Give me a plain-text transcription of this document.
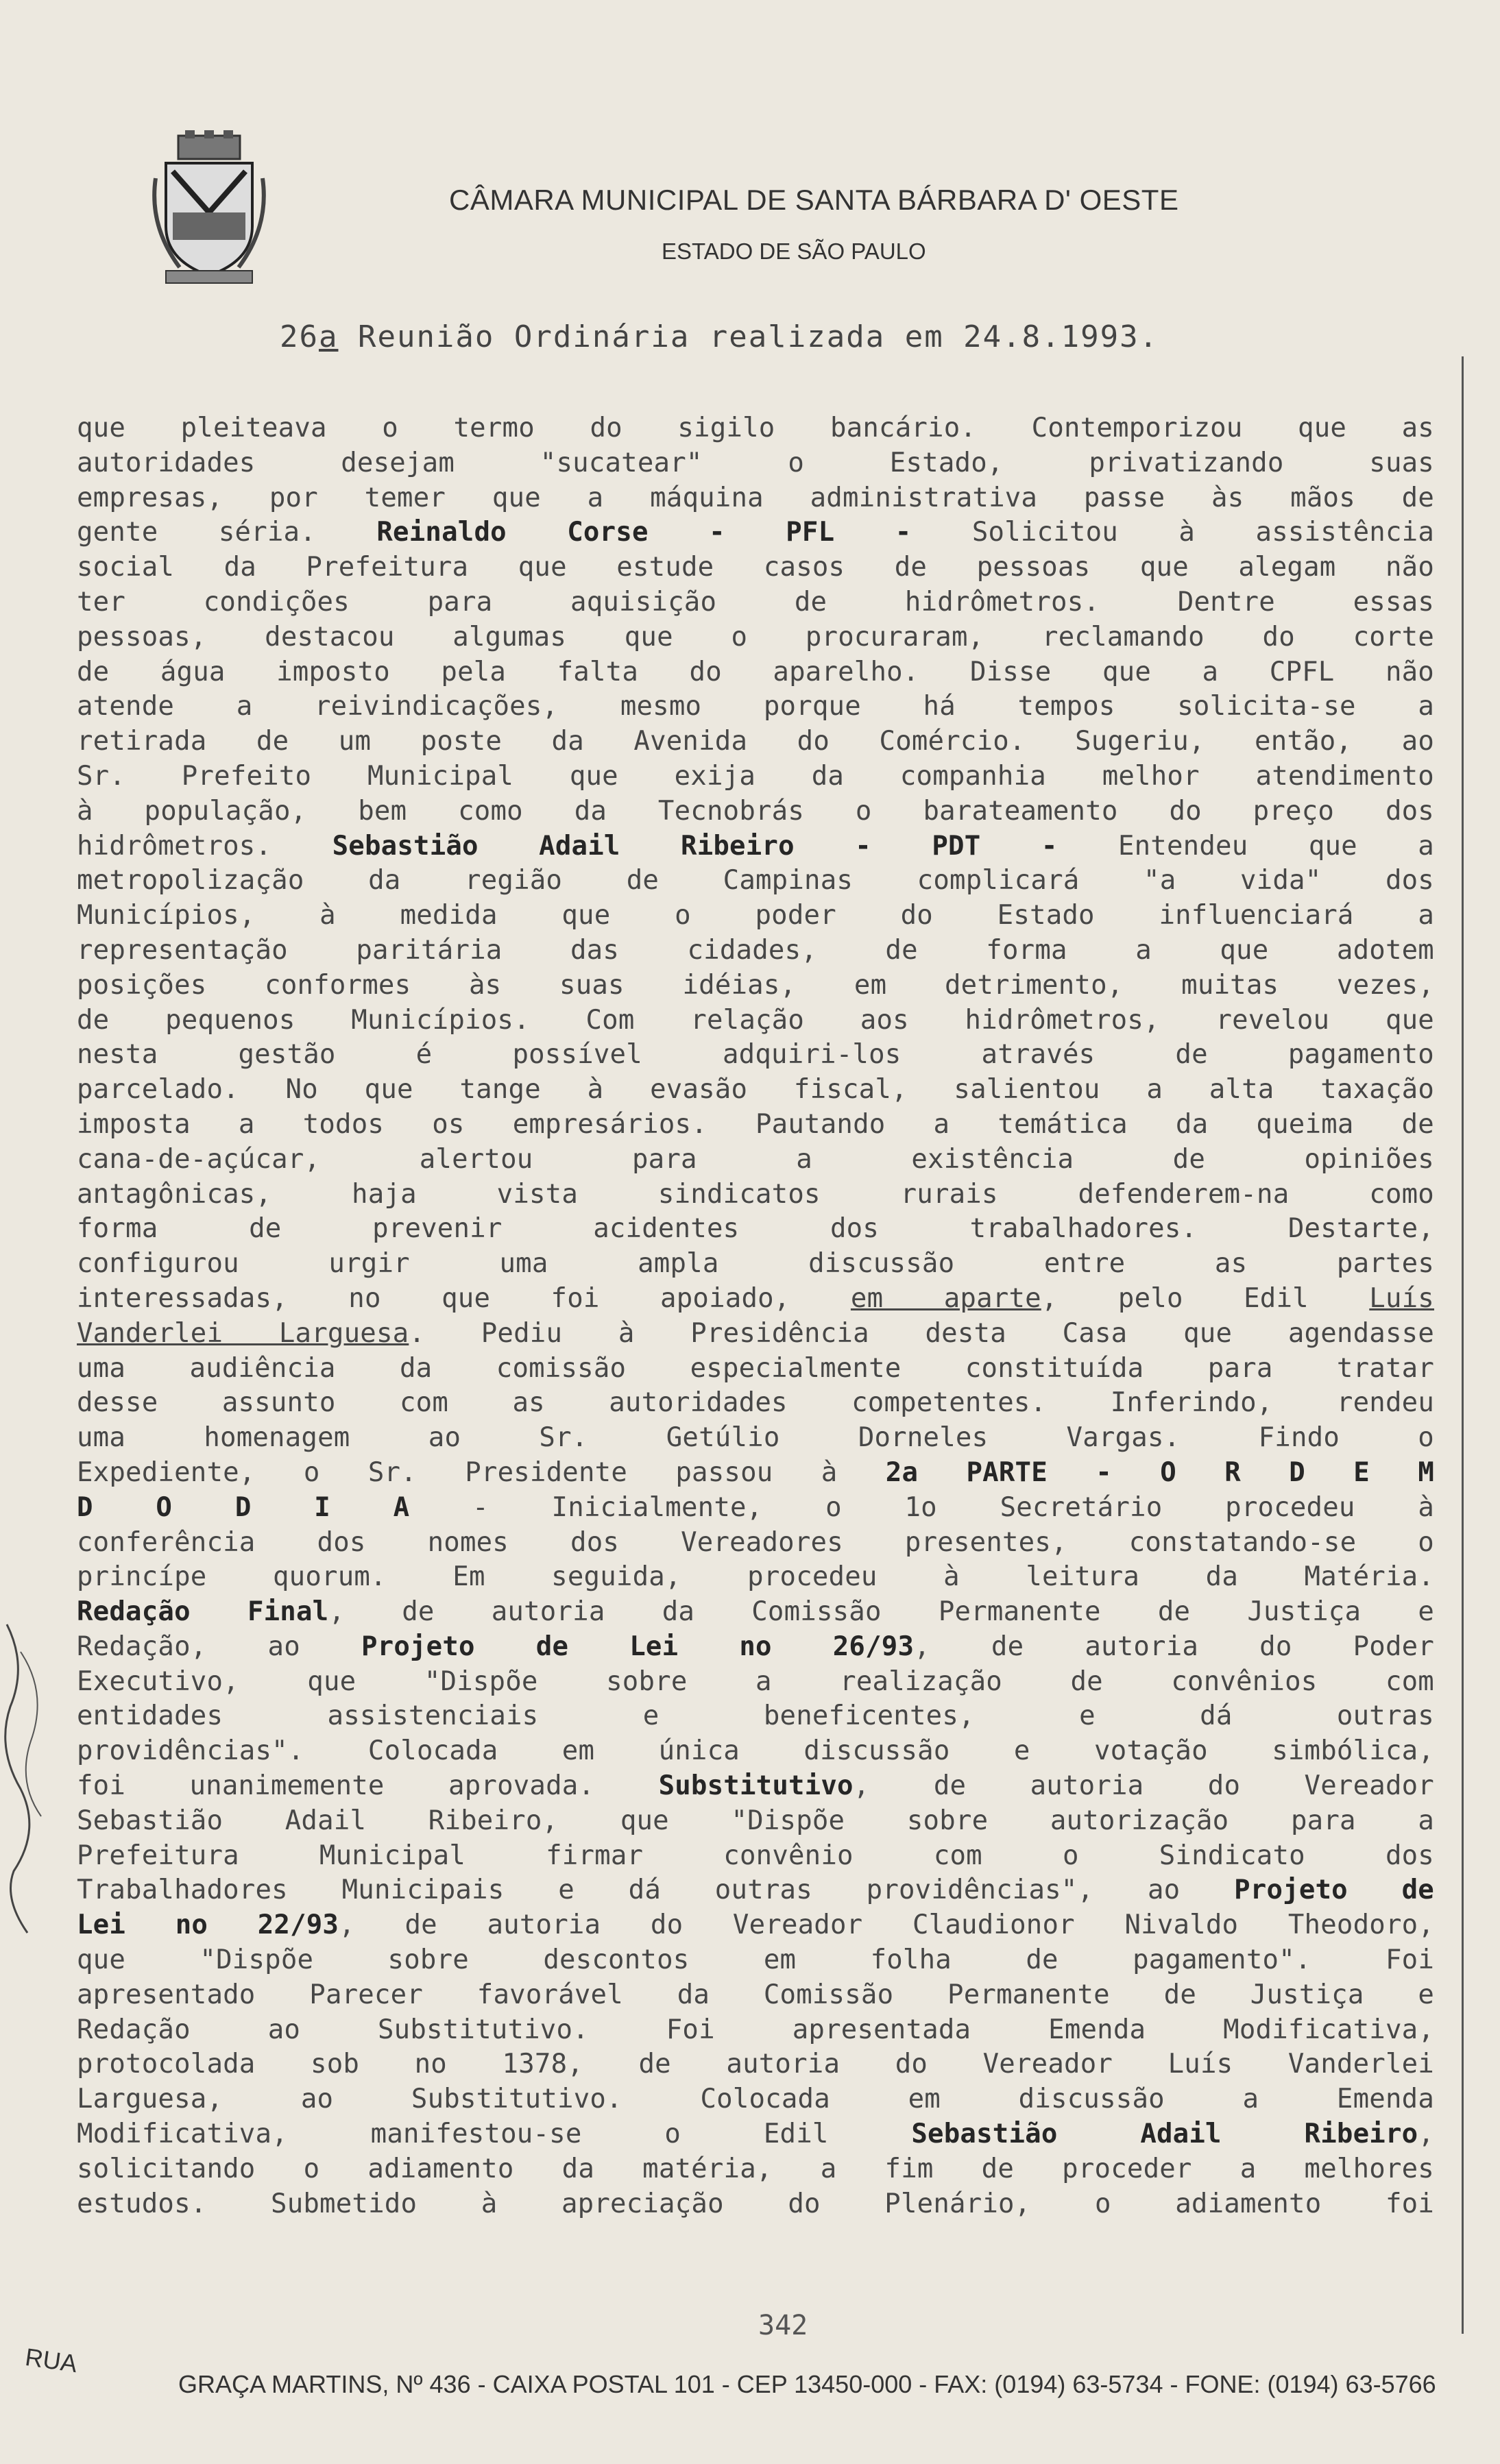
CÂMARA MUNICIPAL DE SANTA BÁRBARA D' OESTE
ESTADO DE SÃO PAULO
26a Reunião Ordinária realizada em 24.8.1993.
que pleiteava o termo do sigilo bancário. Contemporizou que as
autoridades desejam "sucatear" o Estado, privatizando suas
empresas, por temer que a máquina administrativa passe às mãos de
gente séria. Reinaldo Corse - PFL - Solicitou à assistência
social da Prefeitura que estude casos de pessoas que alegam não
ter condições para aquisição de hidrômetros. Dentre essas
pessoas, destacou algumas que o procuraram, reclamando do corte
de água imposto pela falta do aparelho. Disse que a CPFL não
atende a reivindicações, mesmo porque há tempos solicita-se a
retirada de um poste da Avenida do Comércio. Sugeriu, então, ao
Sr. Prefeito Municipal que exija da companhia melhor atendimento
à população, bem como da Tecnobrás o barateamento do preço dos
hidrômetros. Sebastião Adail Ribeiro - PDT - Entendeu que a
metropolização da região de Campinas complicará "a vida" dos
Municípios, à medida que o poder do Estado influenciará a
representação paritária das cidades, de forma a que adotem
posições conformes às suas idéias, em detrimento, muitas vezes,
de pequenos Municípios. Com relação aos hidrômetros, revelou que
nesta gestão é possível adquiri-los através de pagamento
parcelado. No que tange à evasão fiscal, salientou a alta taxação
imposta a todos os empresários. Pautando a temática da queima de
cana-de-açúcar, alertou para a existência de opiniões
antagônicas, haja vista sindicatos rurais defenderem-na como
forma de prevenir acidentes dos trabalhadores. Destarte,
configurou urgir uma ampla discussão entre as partes
interessadas, no que foi apoiado, em aparte, pelo Edil Luís
Vanderlei Larguesa. Pediu à Presidência desta Casa que agendasse
uma audiência da comissão especialmente constituída para tratar
desse assunto com as autoridades competentes. Inferindo, rendeu
uma homenagem ao Sr. Getúlio Dorneles Vargas. Findo o
Expediente, o Sr. Presidente passou à 2a PARTE - O R D E M
D O D I A - Inicialmente, o 1o Secretário procedeu à
conferência dos nomes dos Vereadores presentes, constatando-se o
princípe quorum. Em seguida, procedeu à leitura da Matéria.
Redação Final, de autoria da Comissão Permanente de Justiça e
Redação, ao Projeto de Lei no 26/93, de autoria do Poder
Executivo, que "Dispõe sobre a realização de convênios com
entidades assistenciais e beneficentes, e dá outras
providências". Colocada em única discussão e votação simbólica,
foi unanimemente aprovada. Substitutivo, de autoria do Vereador
Sebastião Adail Ribeiro, que "Dispõe sobre autorização para a
Prefeitura Municipal firmar convênio com o Sindicato dos
Trabalhadores Municipais e dá outras providências", ao Projeto de
Lei no 22/93, de autoria do Vereador Claudionor Nivaldo Theodoro,
que "Dispõe sobre descontos em folha de pagamento". Foi
apresentado Parecer favorável da Comissão Permanente de Justiça e
Redação ao Substitutivo. Foi apresentada Emenda Modificativa,
protocolada sob no 1378, de autoria do Vereador Luís Vanderlei
Larguesa, ao Substitutivo. Colocada em discussão a Emenda
Modificativa, manifestou-se o Edil Sebastião Adail Ribeiro,
solicitando o adiamento da matéria, a fim de proceder a melhores
estudos. Submetido à apreciação do Plenário, o adiamento foi
342
RUA
GRAÇA MARTINS, Nº 436 - CAIXA POSTAL 101 - CEP 13450-000 - FAX: (0194) 63-5734 - FONE: (0194) 63-5766
